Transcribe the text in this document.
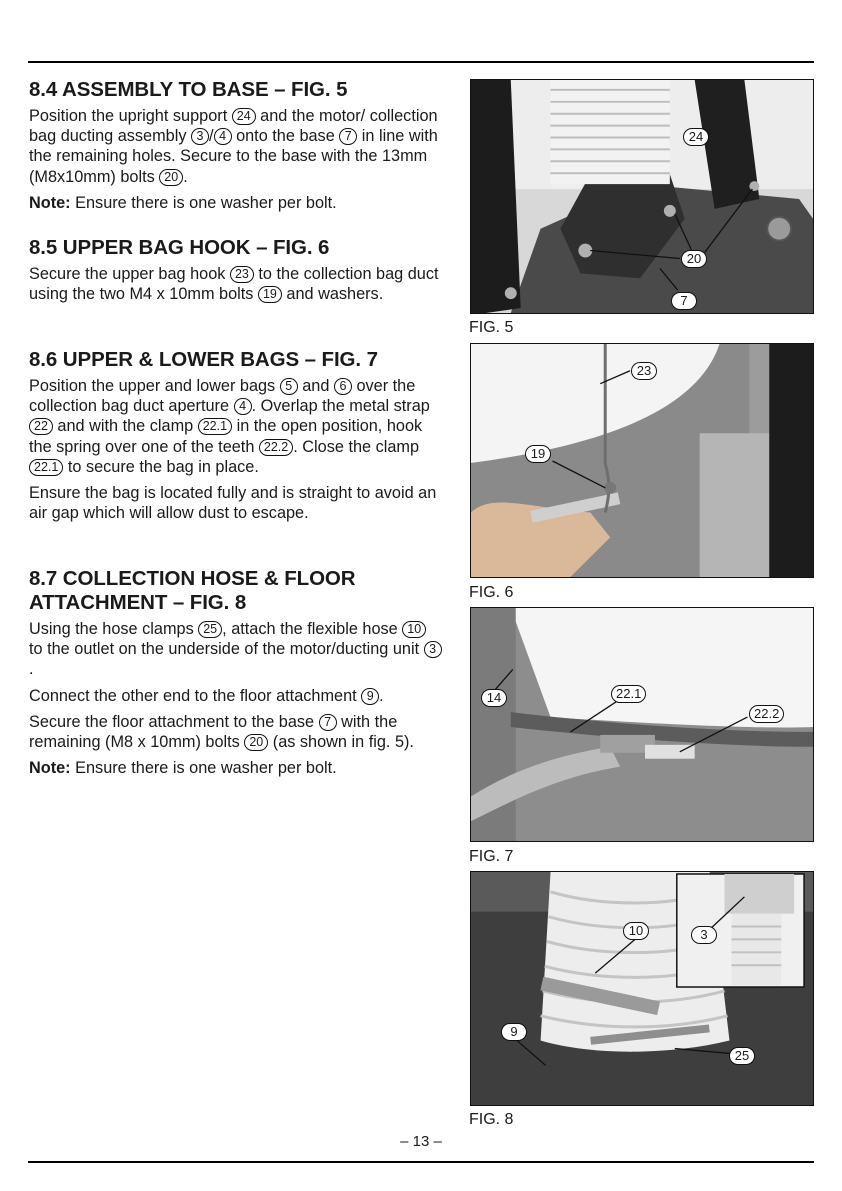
8.4 ASSEMBLY TO BASE – FIG. 5

Position the upright support 24 and the motor/ collection bag ducting assembly 3 / 4 onto the base 7 in line with the remaining holes. Secure to the base with the 13mm (M8x10mm) bolts 20 .

Note: Ensure there is one washer per bolt.

8.5 UPPER BAG HOOK – FIG. 6

Secure the upper bag hook 23 to the collection bag duct using the two M4 x 10mm bolts 19 and washers.

8.6 UPPER & LOWER BAGS – FIG. 7

Position the upper and lower bags 5 and 6 over the collection bag duct aperture 4 . Overlap the metal strap 22 and with the clamp 22.1 in the open position, hook the spring over one of the teeth 22.2 . Close the clamp 22.1 to secure the bag in place.

Ensure the bag is located fully and is straight to avoid an air gap which will allow dust to escape.

8.7 COLLECTION HOSE & FLOOR
ATTACHMENT – FIG. 8

Using the hose clamps 25 , attach the flexible hose 10 to the outlet on the underside of the motor/ducting unit 3.

Connect the other end to the floor attachment 9 .

Secure the floor attachment to the base 7 with the remaining (M8 x 10mm) bolts 20 (as shown in fig. 5).

Note: Ensure there is one washer per bolt.

24
20
7
FIG. 5
23
19
FIG. 6
14	22.1
22.2
FIG. 7
10	3
9
25
FIG. 8
– 13 –
